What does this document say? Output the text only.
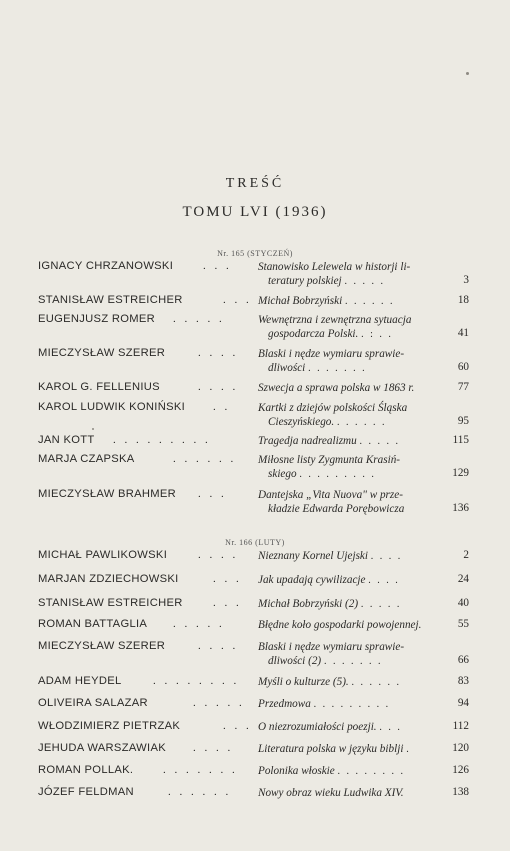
TREŚĆ
TOMU LVI (1936)
Nr. 165 (STYCZEŃ)
Nr. 166 (LUTY)
IGNACY CHRZANOWSKI	. . . Stanowisko Lelewela w historji li-
teratury polskiej . . . . .	3
STANISŁAW ESTREICHER	. . . Michał Bobrzyński . . . . . .	18
EUGENJUSZ ROMER . . . . .	Wewnętrzna i zewnętrzna sytuacja
gospodarcza Polski. . : . .	41
MIECZYSŁAW SZERER	. . . . Blaski i nędze wymiaru sprawie-
dliwości . . . . . . .	60
KAROL G. FELLENIUS	. . . . Szwecja a sprawa polska w 1863 r.	77
KAROL LUDWIK KONIŃSKI	. . Kartki z dziejów polskości Śląska
Cieszyńskiego. . . . . . .	95
JAN KOTT . . . . . . . . .	Tragedja nadrealizmu . . . . .	115
MARJA CZAPSKA	. . . . . . Miłosne listy Zygmunta Krasiń-
skiego . . . . . . . . .	129
MIECZYSŁAW BRAHMER . . .	Dantejska „Vita Nuova" w prze-
kładzie Edwarda Porębowicza	136
MICHAŁ PAWLIKOWSKI	. . . . Nieznany Kornel Ujejski . . . .	2
MARJAN ZDZIECHOWSKI	. . . Jak upadają cywilizacje . . . .	24
STANISŁAW ESTREICHER	. . . Michał Bobrzyński (2) . . . . .	40
ROMAN BATTAGLIA . . . . .	Błędne koło gospodarki powojennej.	55
MIECZYSŁAW SZERER	. . . . Blaski i nędze wymiaru sprawie-
dliwości (2) . . . . . . .	66
ADAM HEYDEL	. . . . . . . . Myśli o kulturze (5). . . . . . .	83
OLIVEIRA SALAZAR	. . . . . Przedmowa . . . . . . . . .	94
WŁODZIMIERZ PIETRZAK	. . . O niezrozumiałości poezji. . . .	112
JEHUDA WARSZAWIAK . . . . Literatura polska w języku biblji .	120
ROMAN POLLAK.	. . . . . . . Polonika włoskie . . . . . . . .	126
JÓZEF FELDMAN	. . . . . . Nowy obraz wieku Ludwika XIV.	138
